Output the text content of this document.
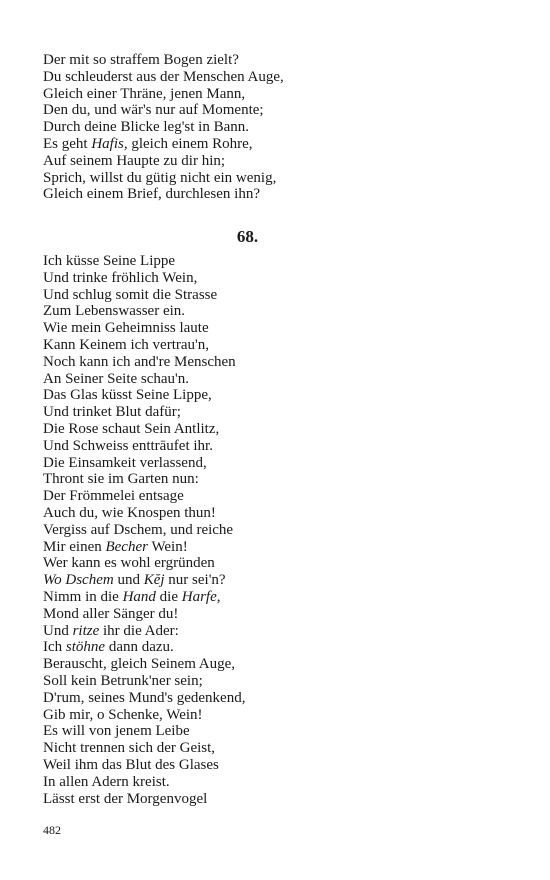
Der mit so straffem Bogen zielt?
Du schleuderst aus der Menschen Auge,
Gleich einer Thräne, jenen Mann,
Den du, und wär's nur auf Momente;
Durch deine Blicke leg'st in Bann.
Es geht Hafis, gleich einem Rohre,
Auf seinem Haupte zu dir hin;
Sprich, willst du gütig nicht ein wenig,
Gleich einem Brief, durchlesen ihn?
68.
Ich küsse Seine Lippe
Und trinke fröhlich Wein,
Und schlug somit die Strasse
Zum Lebenswasser ein.
Wie mein Geheimniss laute
Kann Keinem ich vertrau'n,
Noch kann ich and're Menschen
An Seiner Seite schau'n.
Das Glas küsst Seine Lippe,
Und trinket Blut dafür;
Die Rose schaut Sein Antlitz,
Und Schweiss enttrāufet ihr.
Die Einsamkeit verlassend,
Thront sie im Garten nun:
Der Frömmelei entsage
Auch du, wie Knospen thun!
Vergiss auf Dschem, und reiche
Mir einen Becher Wein!
Wer kann es wohl ergründen
Wo Dschem und Kĕj nur sei'n?
Nimm in die Hand die Harfe,
Mond aller Sänger du!
Und ritze ihr die Ader:
Ich stöhne dann dazu.
Berauscht, gleich Seinem Auge,
Soll kein Betrunk'ner sein;
D'rum, seines Mund's gedenkend,
Gib mir, o Schenke, Wein!
Es will von jenem Leibe
Nicht trennen sich der Geist,
Weil ihm das Blut des Glases
In allen Adern kreist.
Lässt erst der Morgenvogel
482
